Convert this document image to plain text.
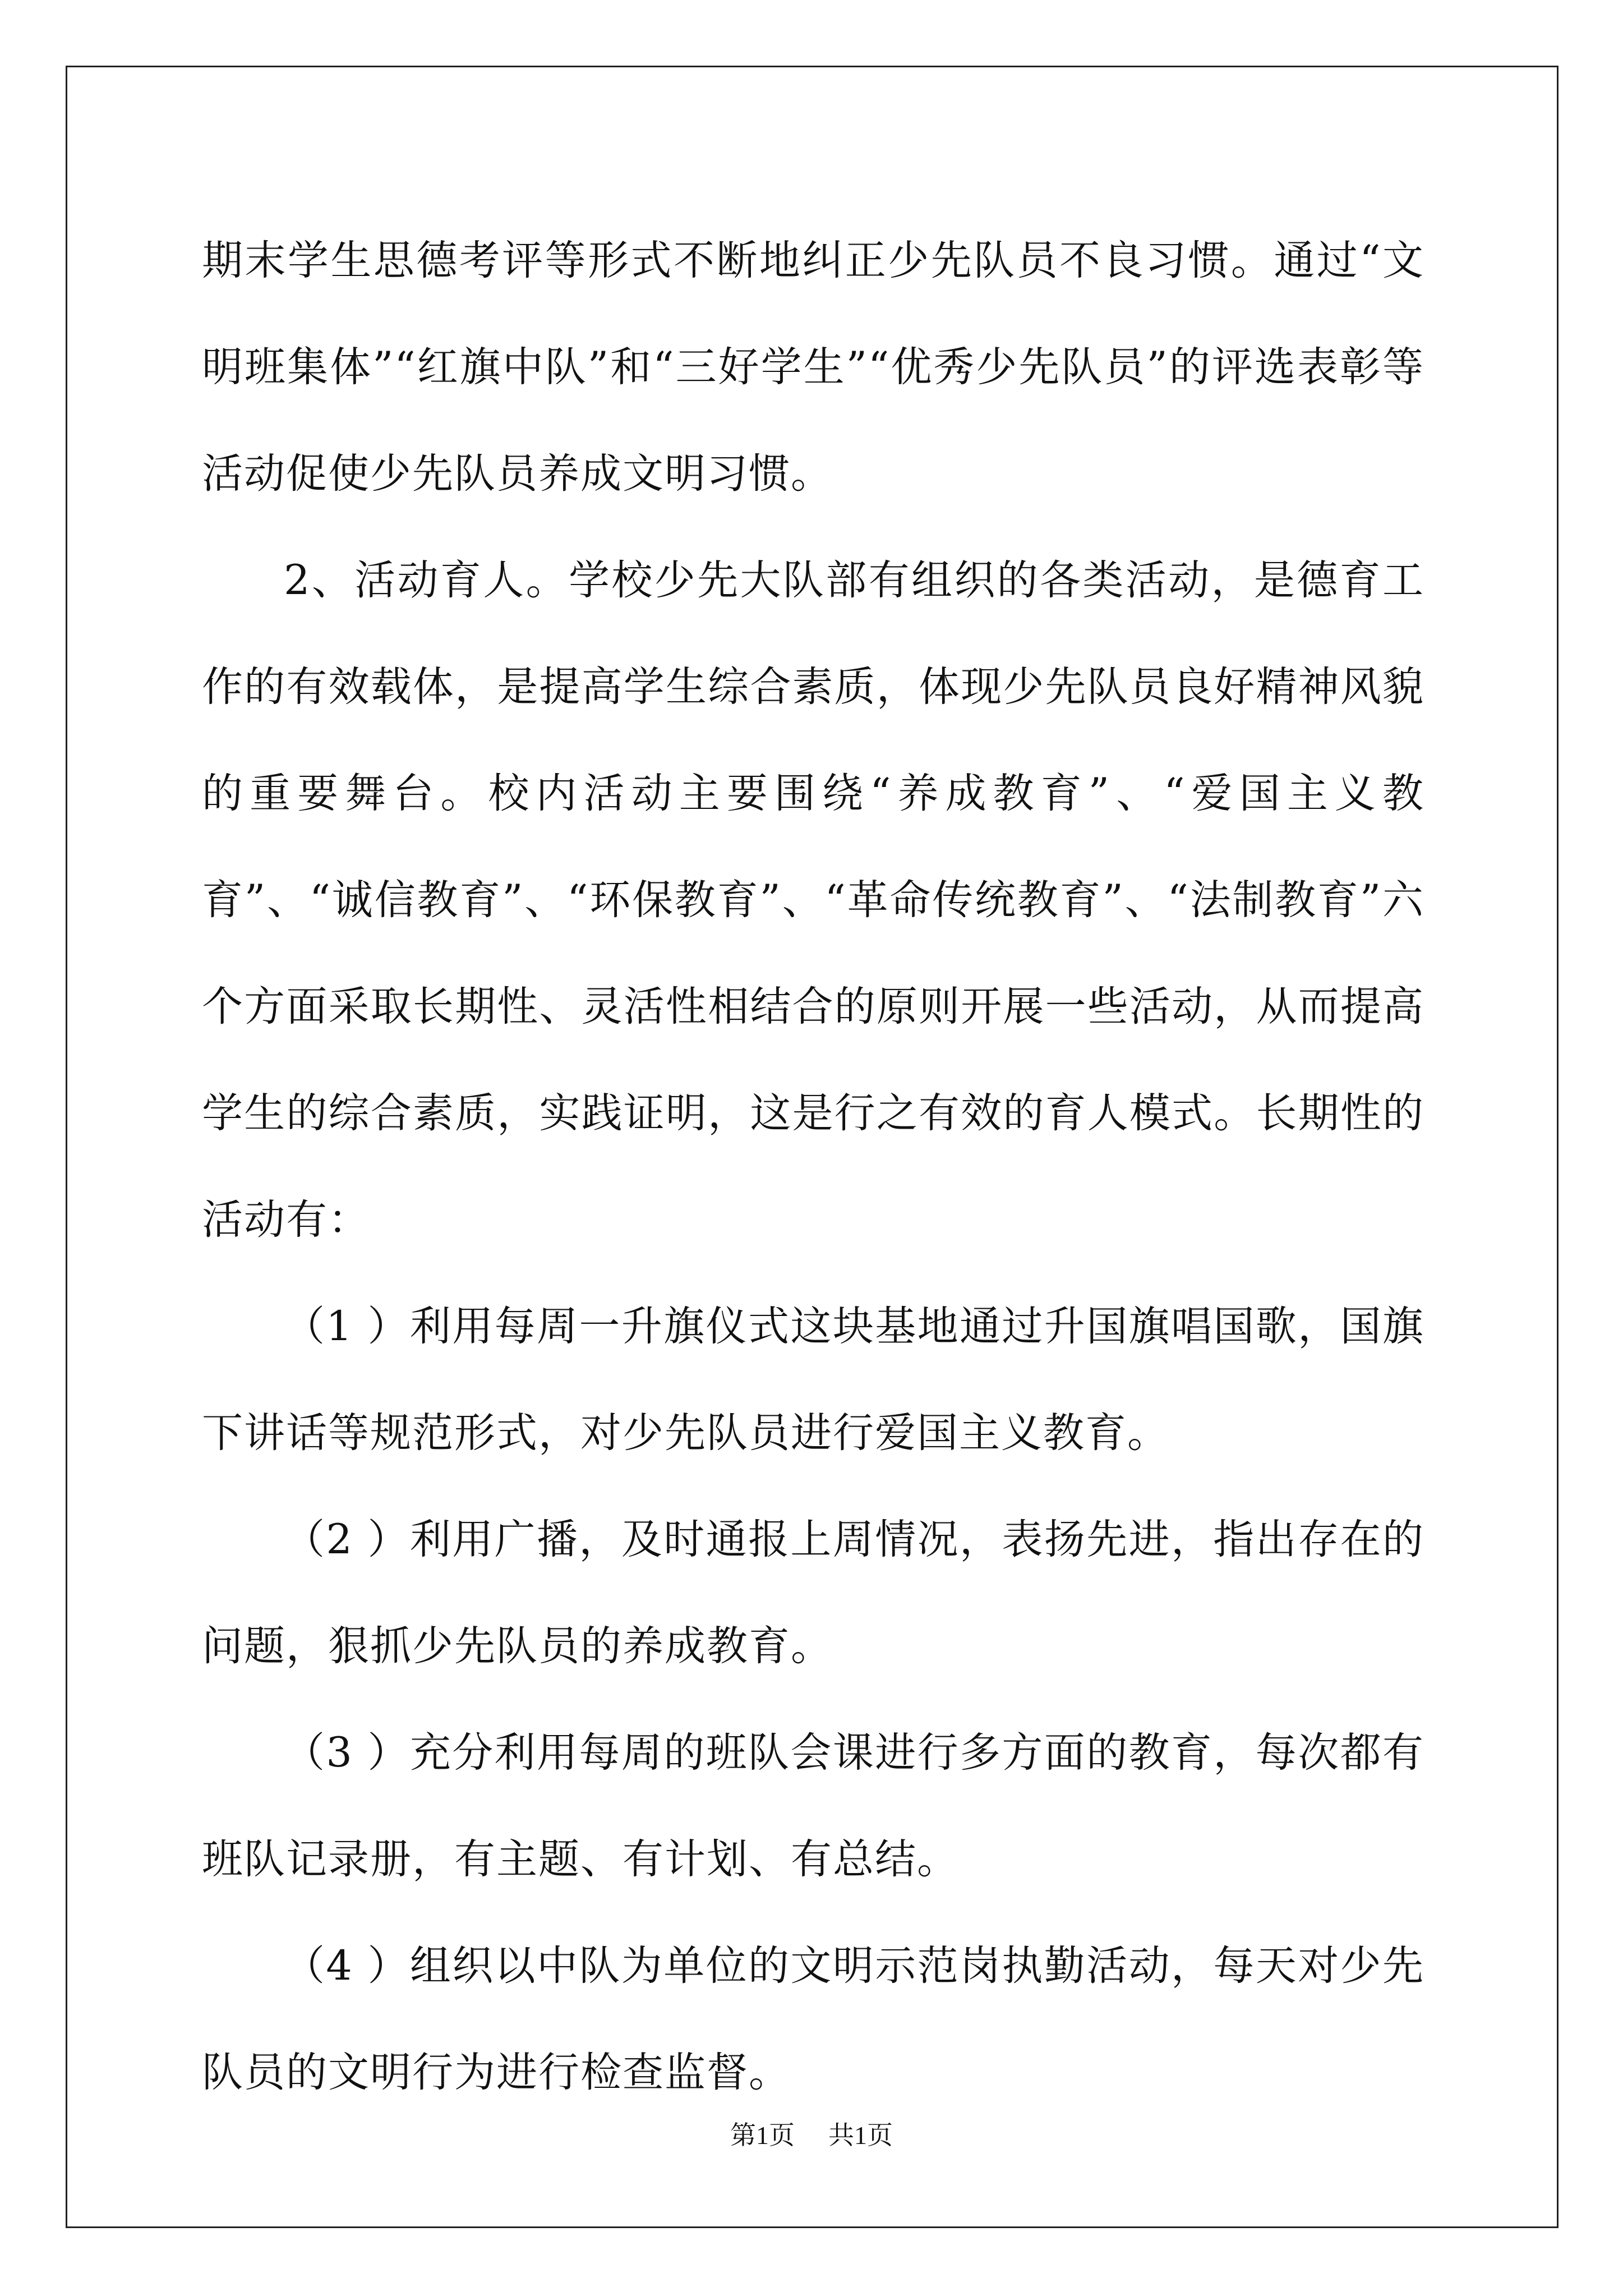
期末学生思德考评等形式不断地纠正少先队员不良习惯。通过“文明班集体”“红旗中队”和“三好学生”“优秀少先队员”的评选表彰等活动促使少先队员养成文明习惯。

2、活动育人。学校少先大队部有组织的各类活动，是德育工作的有效载体，是提高学生综合素质，体现少先队员良好精神风貌的重要舞台。校内活动主要围绕“养成教育”、“爱国主义教育”、“诚信教育”、“环保教育”、“革命传统教育”、“法制教育”六个方面采取长期性、灵活性相结合的原则开展一些活动，从而提高学生的综合素质，实践证明，这是行之有效的育人模式。长期性的活动有：

（1 ）利用每周一升旗仪式这块基地通过升国旗唱国歌，国旗下讲话等规范形式，对少先队员进行爱国主义教育。

（2 ）利用广播，及时通报上周情况，表扬先进，指出存在的问题，狠抓少先队员的养成教育。

（3 ）充分利用每周的班队会课进行多方面的教育，每次都有班队记录册，有主题、有计划、有总结。

（4 ）组织以中队为单位的文明示范岗执勤活动，每天对少先队员的文明行为进行检查监督。

第1页 共1页
